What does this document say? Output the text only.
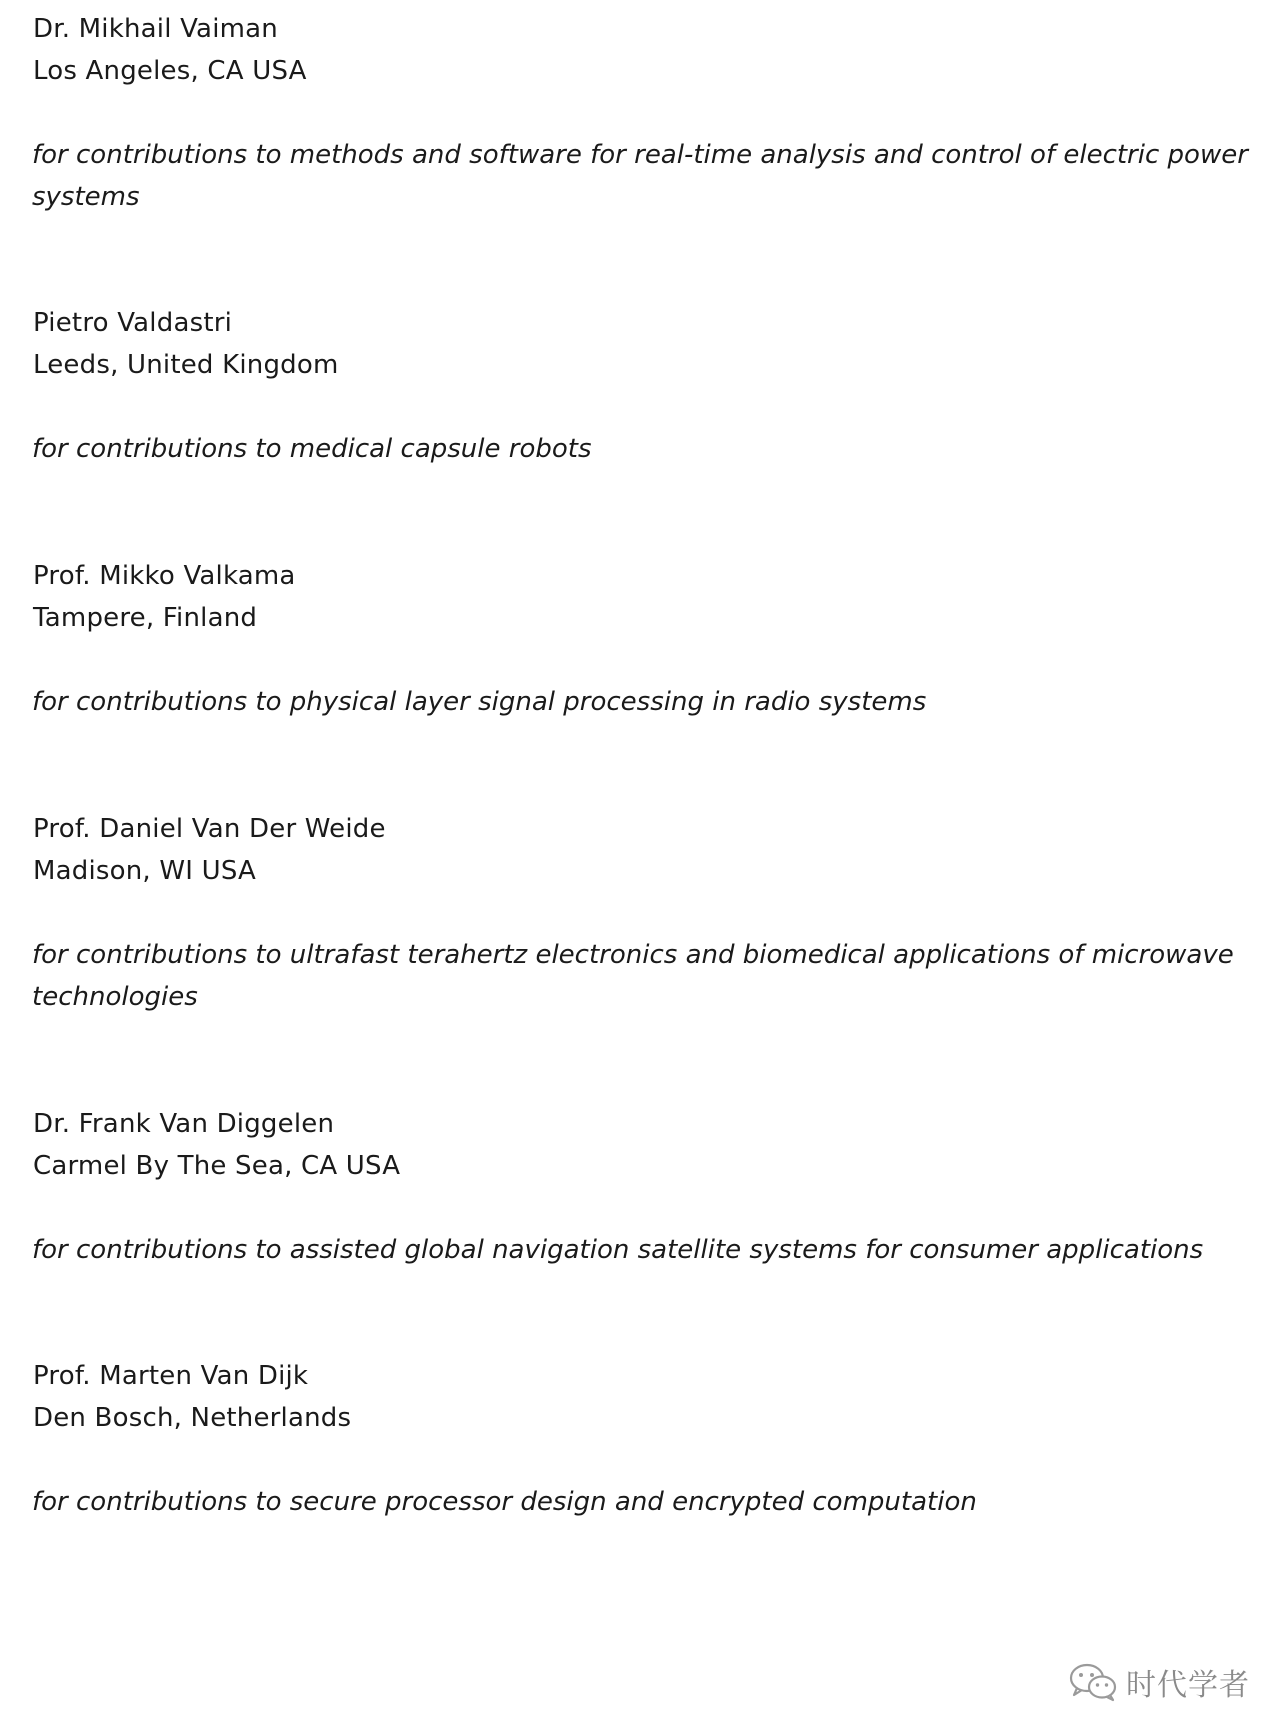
Dr. Mikhail Vaiman
Los Angeles, CA USA
for contributions to methods and software for real-time analysis and control of electric power systems
Pietro Valdastri
Leeds, United Kingdom
for contributions to medical capsule robots
Prof. Mikko Valkama
Tampere, Finland
for contributions to physical layer signal processing in radio systems
Prof. Daniel Van Der Weide
Madison, WI USA
for contributions to ultrafast terahertz electronics and biomedical applications of microwave technologies
Dr. Frank Van Diggelen
Carmel By The Sea, CA USA
for contributions to assisted global navigation satellite systems for consumer applications
Prof. Marten Van Dijk
Den Bosch, Netherlands
for contributions to secure processor design and encrypted computation
时代学者
